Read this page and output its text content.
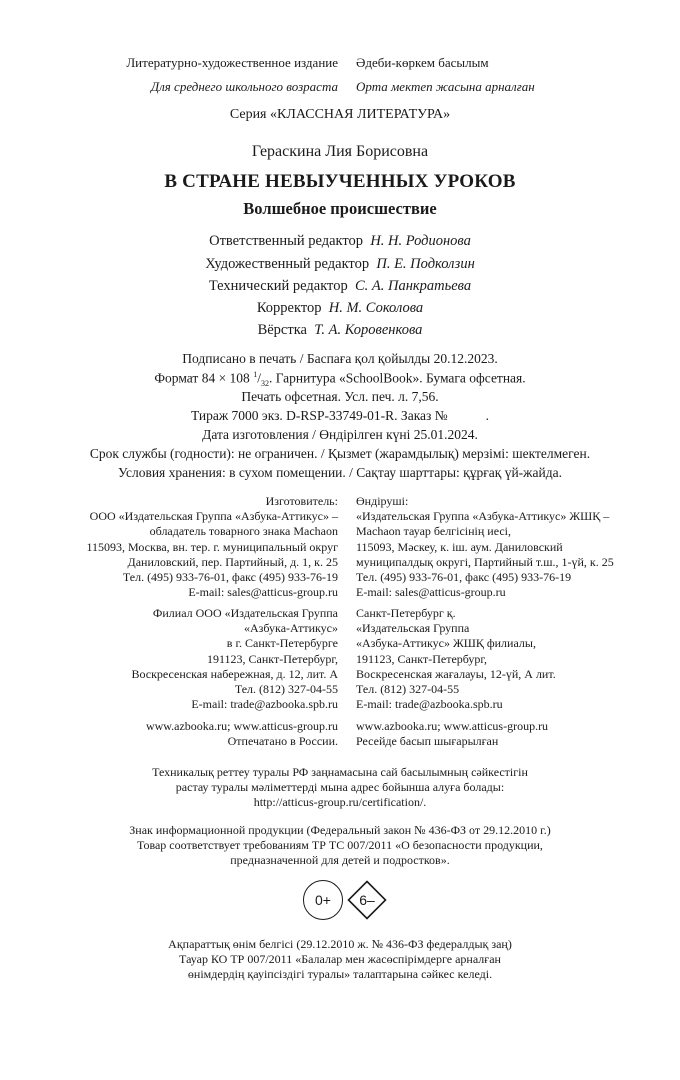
Литературно-художественное издание Әдеби-көркем басылым
Для среднего школьного возраста Орта мектеп жасына арналған
Серия «КЛАССНАЯ ЛИТЕРАТУРА»
Гераскина Лия Борисовна
В СТРАНЕ НЕВЫУЧЕННЫХ УРОКОВ
Волшебное происшествие
Ответственный редактор Н. Н. Родионова
Художественный редактор П. Е. Подколзин
Технический редактор С. А. Панкратьева
Корректор Н. М. Соколова
Вёрстка Т. А. Коровенкова
Подписано в печать / Баспаға қол қойылды 20.12.2023.
Формат 84 × 108 $^1/_{32}$. Гарнитура «SchoolBook». Бумага офсетная.
Печать офсетная. Усл. печ. л. 7,56.
Тираж 7000 экз. D-RSP-33749-01-R. Заказ №	.
Дата изготовления / Өндірілген күні 25.01.2024.
Срок службы (годности): не ограничен. / Қызмет (жарамдылық) мерзімі: шектелмеген.
Условия хранения: в сухом помещении. / Сақтау шарттары: құрғақ үй-жайда.
Изготовитель:
ООО «Издательская Группа «Азбука-Аттикус» –
обладатель товарного знака Machaon
115093, Москва, вн. тер. г. муниципальный округ
Даниловский, пер. Партийный, д. 1, к. 25
Тел. (495) 933-76-01, факс (495) 933-76-19
E-mail: sales@atticus-group.ru
Өндіруші:
«Издательская Группа «Азбука-Аттикус» ЖШҚ –
Machaon тауар белгісінің иесі,
115093, Мәскеу, к. іш. аум. Даниловский
муниципалдық округі, Партийный т.ш., 1-үй, к. 25
Тел. (495) 933-76-01, факс (495) 933-76-19
E-mail: sales@atticus-group.ru
Филиал ООО «Издательская Группа
«Азбука-Аттикус»
в г. Санкт-Петербурге
191123, Санкт-Петербург,
Воскресенская набережная, д. 12, лит. А
Тел. (812) 327-04-55
E-mail: trade@azbooka.spb.ru
Санкт-Петербург қ.
«Издательская Группа
«Азбука-Аттикус» ЖШҚ филиалы,
191123, Санкт-Петербург,
Воскресенская жағалауы, 12-үй, А лит.
Тел. (812) 327-04-55
E-mail: trade@azbooka.spb.ru
www.azbooka.ru; www.atticus-group.ru
Отпечатано в России.
www.azbooka.ru; www.atticus-group.ru
Ресейде басып шығарылған
Техникалық реттеу туралы РФ заңнамасына сай басылымның сәйкестігін
растау туралы мәліметтерді мына адрес бойынша алуға болады:
http://atticus-group.ru/certification/.
Знак информационной продукции (Федеральный закон № 436-ФЗ от 29.12.2010 г.)
Товар соответствует требованиям ТР ТС 007/2011 «О безопасности продукции,
предназначенной для детей и подростков».
0+	6–
Ақпараттық өнім белгісі (29.12.2010 ж. № 436-ФЗ федералдық заң)
Тауар КО ТР 007/2011 «Балалар мен жасөспірімдерге арналған
өнімдердің қауіпсіздігі туралы» талаптарына сәйкес келеді.
